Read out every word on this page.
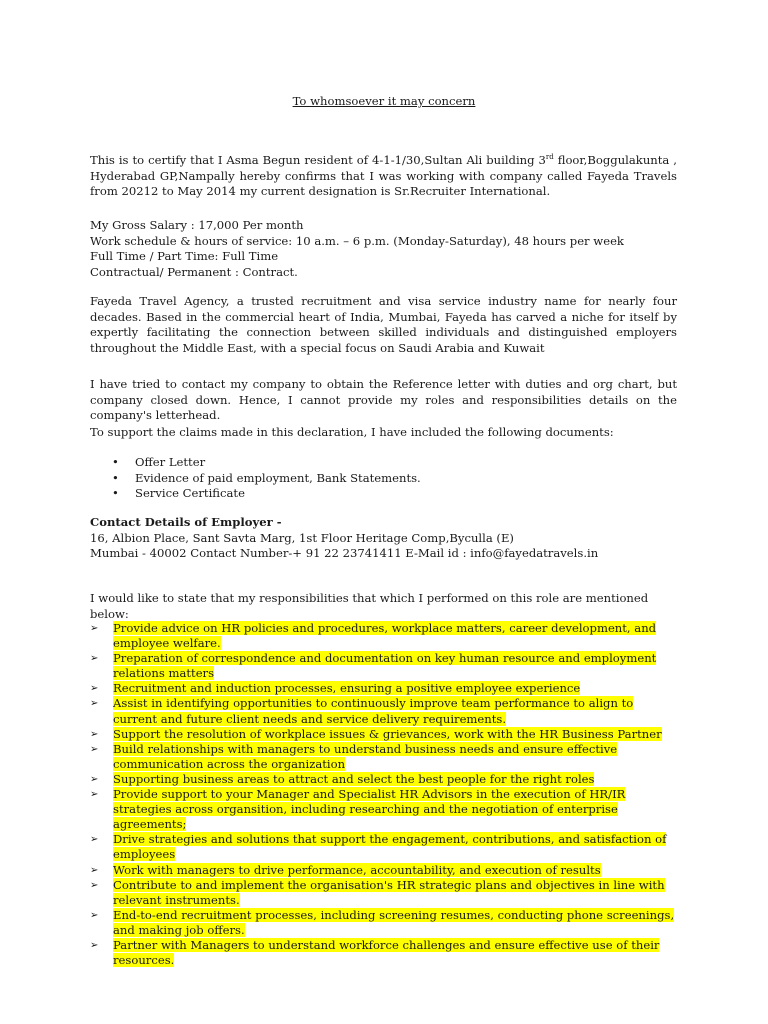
To whomsoever it may concern
This is to certify that I Asma Begun resident of 4-1-1/30,Sultan Ali building 3rd floor,Boggulakunta , Hyderabad GP,Nampally hereby confirms that I was working with company called Fayeda Travels from 20212 to May 2014 my current designation is Sr.Recruiter International.
My Gross Salary : 17,000 Per month
Work schedule & hours of service: 10 a.m. – 6 p.m. (Monday-Saturday), 48 hours per week
Full Time / Part Time: Full Time
Contractual/ Permanent : Contract.
Fayeda Travel Agency, a trusted recruitment and visa service industry name for nearly four decades. Based in the commercial heart of India, Mumbai, Fayeda has carved a niche for itself by expertly facilitating the connection between skilled individuals and distinguished employers throughout the Middle East, with a special focus on Saudi Arabia and Kuwait
I have tried to contact my company to obtain the Reference letter with duties and org chart, but company closed down. Hence, I cannot provide my roles and responsibilities details on the company's letterhead.
To support the claims made in this declaration, I have included the following documents:
• Offer Letter
• Evidence of paid employment, Bank Statements.
• Service Certificate
Contact Details of Employer -
16, Albion Place, Sant Savta Marg, 1st Floor Heritage Comp,Byculla (E)
Mumbai - 40002 Contact Number-+ 91 22 23741411 E-Mail id : info@fayedatravels.in
I would like to state that my responsibilities that which I performed on this role are mentioned below:
➢ Provide advice on HR policies and procedures, workplace matters, career development, and employee welfare.
➢ Preparation of correspondence and documentation on key human resource and employment relations matters
➢ Recruitment and induction processes, ensuring a positive employee experience
➢ Assist in identifying opportunities to continuously improve team performance to align to current and future client needs and service delivery requirements.
➢ Support the resolution of workplace issues & grievances, work with the HR Business Partner
➢ Build relationships with managers to understand business needs and ensure effective communication across the organization
➢ Supporting business areas to attract and select the best people for the right roles
➢ Provide support to your Manager and Specialist HR Advisors in the execution of HR/IR strategies across organsition, including researching and the negotiation of enterprise agreements;
➢ Drive strategies and solutions that support the engagement, contributions, and satisfaction of employees
➢ Work with managers to drive performance, accountability, and execution of results
➢ Contribute to and implement the organisation's HR strategic plans and objectives in line with relevant instruments.
➢ End-to-end recruitment processes, including screening resumes, conducting phone screenings, and making job offers.
➢ Partner with Managers to understand workforce challenges and ensure effective use of their resources.
